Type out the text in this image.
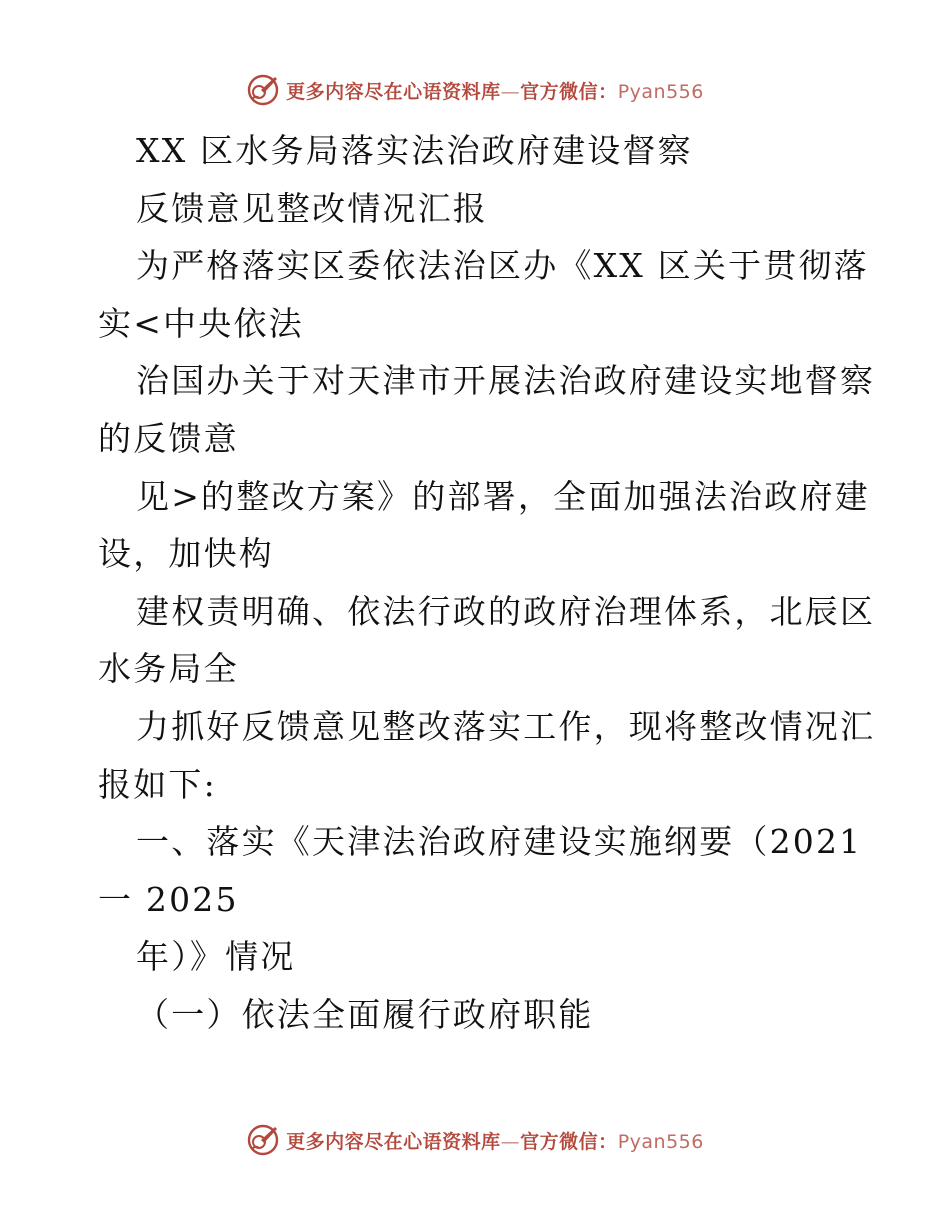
更多内容尽在心语资料库—官方微信：Pyan556
XX 区水务局落实法治政府建设督察
反馈意见整改情况汇报
为严格落实区委依法治区办《XX 区关于贯彻落
实<中央依法
治国办关于对天津市开展法治政府建设实地督察
的反馈意
见>的整改方案》的部署，全面加强法治政府建
设，加快构
建权责明确、依法行政的政府治理体系，北辰区
水务局全
力抓好反馈意见整改落实工作，现将整改情况汇
报如下:
一、落实《天津法治政府建设实施纲要（2021
一 2025
年）》情况
（一）依法全面履行政府职能
更多内容尽在心语资料库—官方微信：Pyan556
